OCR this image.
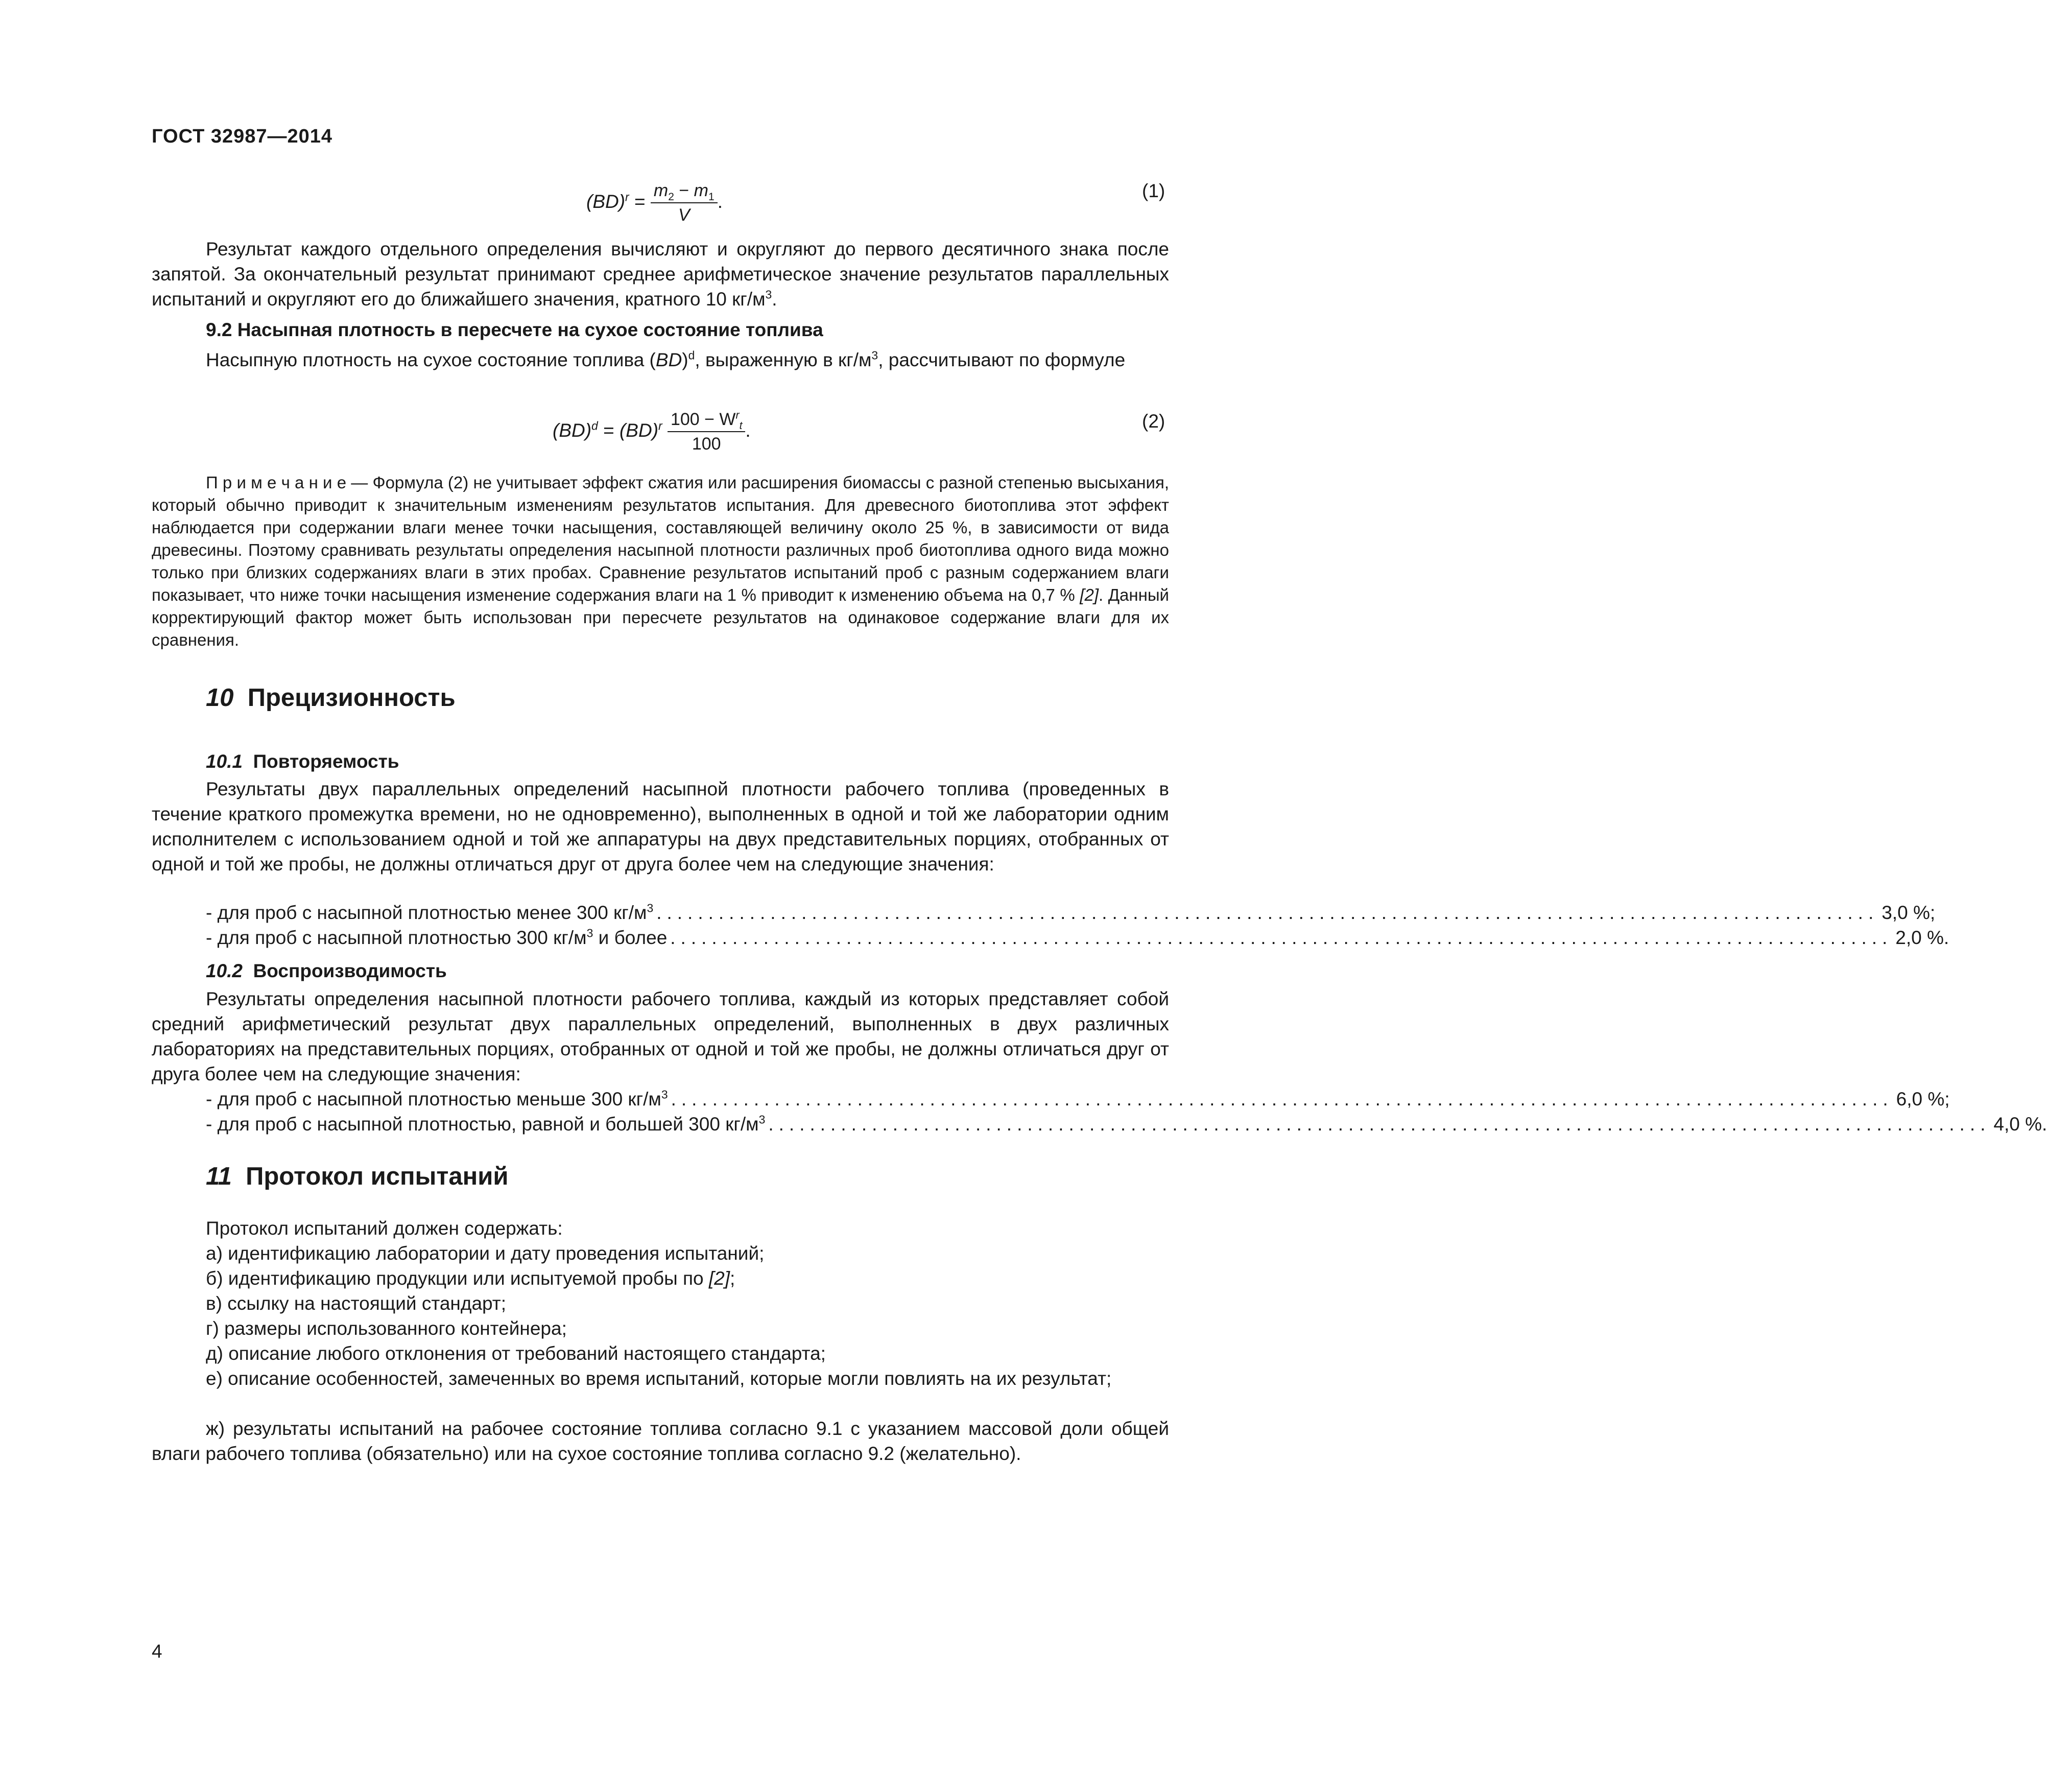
ГОСТ 32987—2014
$(BD)^r = \frac{m_2 - m_1}{V}$ .
(1)

Результат каждого отдельного определения вычисляют и округляют до первого десятичного знака после запятой. За окончательный результат принимают среднее арифметическое значение результатов параллельных испытаний и округляют его до ближайшего значения, кратного 10 $кг/м^3$.

9.2 Насыпная плотность в пересчете на сухое состояние топлива

Насыпную плотность на сухое состояние топлива (BD)$^d$, выраженную в $кг/м^3$, рассчитывают по формуле

$(BD)^d = (BD)^r \frac{100 - W^r_t}{100}$ .	(2)

П р и м е ч а н и е — Формула (2) не учитывает эффект сжатия или расширения биомассы с разной степенью высыхания, который обычно приводит к значительным изменениям результатов испытания. Для древесного биотоплива этот эффект наблюдается при содержании влаги менее точки насыщения, составляющей величину около 25 %, в зависимости от вида древесины. Поэтому сравнивать результаты определения насыпной плотности различных проб биотоплива одного вида можно только при близких содержаниях влаги в этих пробах. Сравнение результатов испытаний проб с разным содержанием влаги показывает, что ниже точки насыщения изменение содержания влаги на 1 % приводит к изменению объема на 0,7 % [2]. Данный корректирующий фактор может быть использован при пересчете результатов на одинаковое содержание влаги для их сравнения.

10 Прецизионность
10.1 Повторяемость

Результаты двух параллельных определений насыпной плотности рабочего топлива (проведенных в течение краткого промежутка времени, но не одновременно), выполненных в одной и той же лаборатории одним исполнителем с использованием одной и той же аппаратуры на двух представительных порциях, отобранных от одной и той же пробы, не должны отличаться друг от друга более чем на следующие значения:

- для проб с насыпной плотностью менее 300 $кг/м^3$ ...................................................................................................................... 3,0 %;
- для проб с насыпной плотностью 300 $кг/м^3$ и более ...................................................................................................................... 2,0 %.
10.2 Воспроизводимость

Результаты определения насыпной плотности рабочего топлива, каждый из которых представляет собой средний арифметический результат двух параллельных определений, выполненных в двух различных лабораториях на представительных порциях, отобранных от одной и той же пробы, не должны отличаться друг от друга более чем на следующие значения:

- для проб с насыпной плотностью меньше 300 $кг/м^3$ ...................................................................................................................... 6,0 %;
- для проб с насыпной плотностью, равной и большей 300 $кг/м^3$ ...................................................................................................................... 4,0 %.
11 Протокол испытаний

Протокол испытаний должен содержать:

а) идентификацию лаборатории и дату проведения испытаний;

б) идентификацию продукции или испытуемой пробы по [2];

в) ссылку на настоящий стандарт;

г) размеры использованного контейнера;

д) описание любого отклонения от требований настоящего стандарта;

е) описание особенностей, замеченных во время испытаний, которые могли повлиять на их результат;

ж) результаты испытаний на рабочее состояние топлива согласно 9.1 с указанием массовой доли общей влаги рабочего топлива (обязательно) или на сухое состояние топлива согласно 9.2 (желательно).

4
